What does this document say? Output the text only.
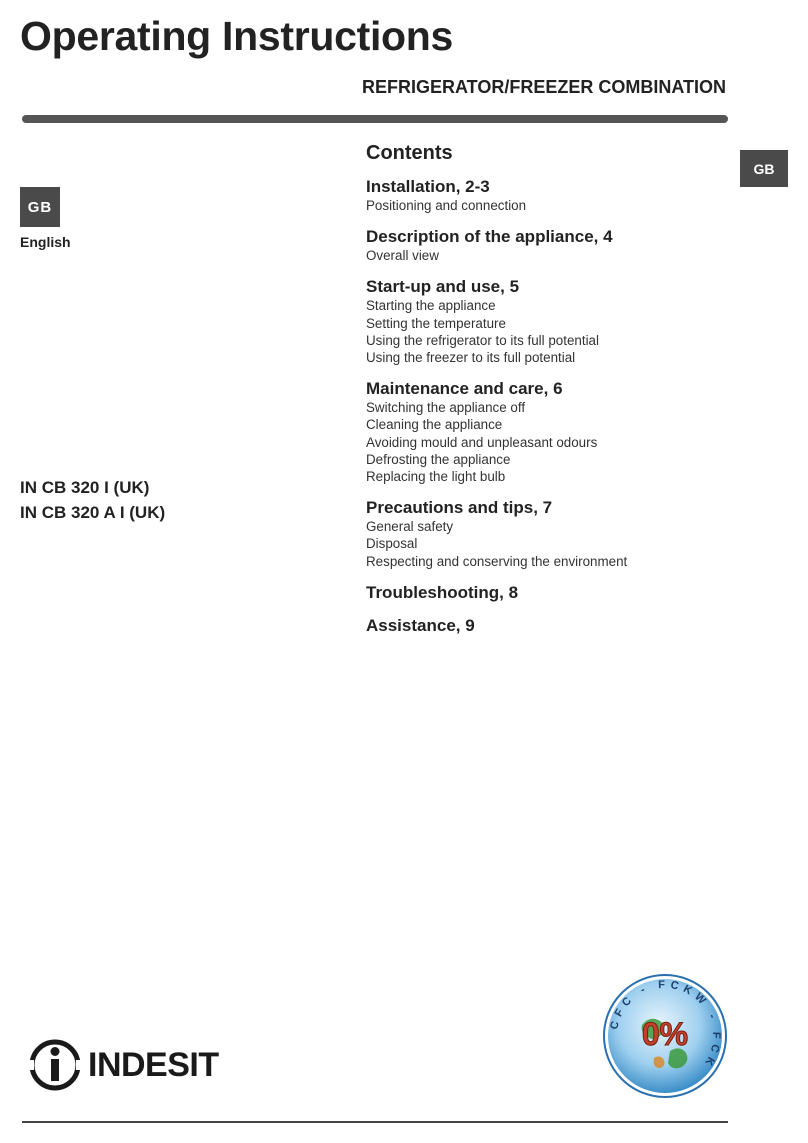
Operating Instructions
REFRIGERATOR/FREEZER COMBINATION
GB
GB
English
IN CB 320 I (UK)
IN CB 320 A I (UK)
Contents
Installation, 2-3
Positioning and connection
Description of the appliance, 4
Overall view
Start-up and use, 5
Starting the appliance
Setting the temperature
Using the refrigerator to its full potential
Using the freezer to its full potential
Maintenance and care, 6
Switching the appliance off
Cleaning the appliance
Avoiding mould and unpleasant odours
Defrosting the appliance
Replacing the light bulb
Precautions and tips, 7
General safety
Disposal
Respecting and conserving the environment
Troubleshooting, 8
Assistance, 9
CFC - FCKW - FCK
0%
INDESIT
